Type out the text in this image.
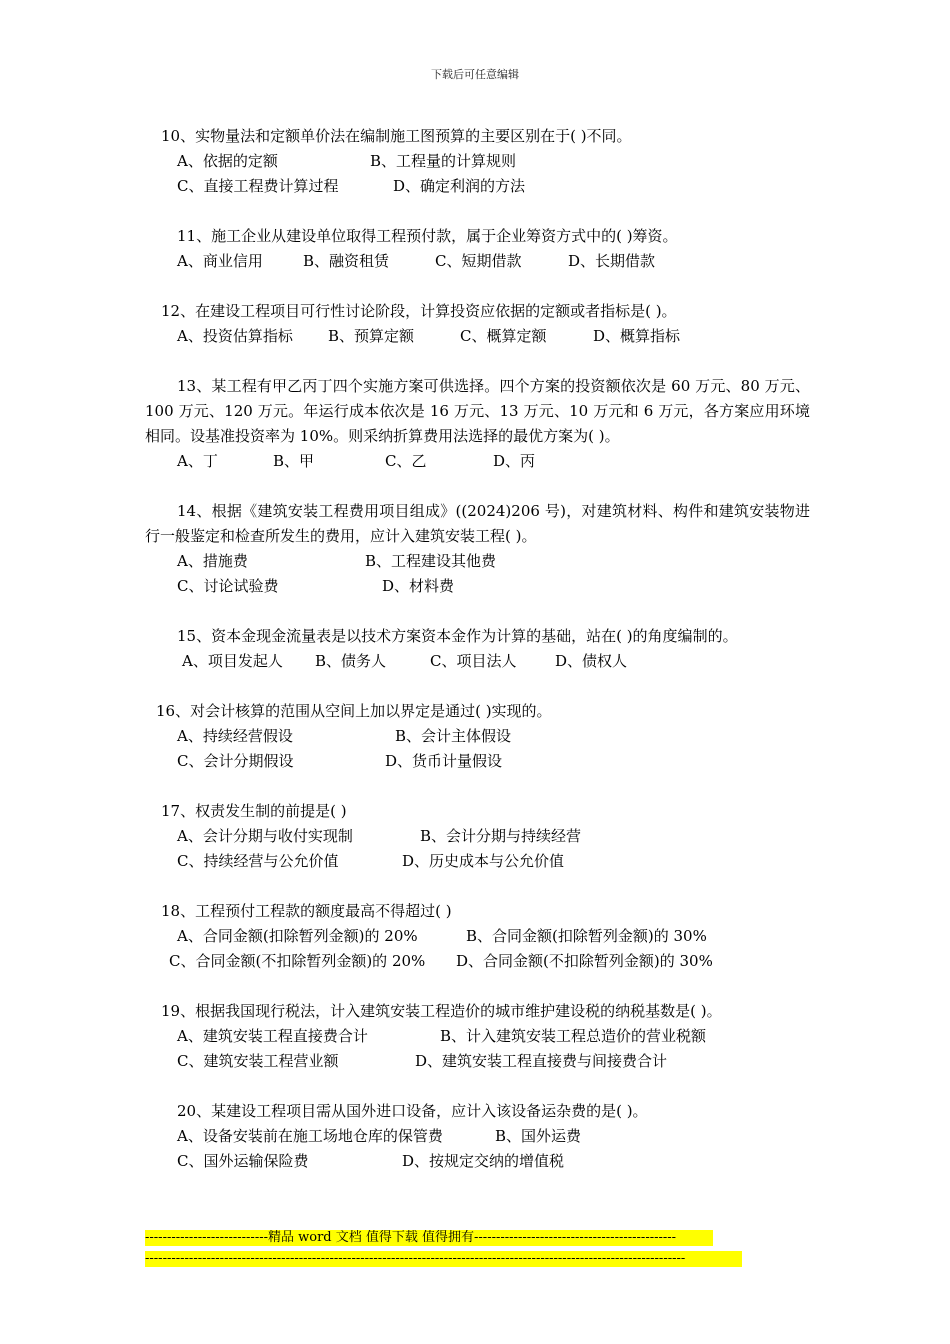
下载后可任意编辑
10、实物量法和定额单价法在编制施工图预算的主要区别在于( )不同。
A、依据的定额	B、工程量的计算规则
C、直接工程费计算过程	D、确定利润的方法
11、施工企业从建设单位取得工程预付款，属于企业筹资方式中的( )筹资。
A、商业信用	B、融资租赁	C、短期借款	D、长期借款
12、在建设工程项目可行性讨论阶段，计算投资应依据的定额或者指标是( )。
A、投资估算指标 B、预算定额	C、概算定额	D、概算指标
13、某工程有甲乙丙丁四个实施方案可供选择。四个方案的投资额依次是 60 万元、80 万元、100 万元、120 万元。年运行成本依次是 16 万元、13 万元、10 万元和 6 万元，各方案应用环境相同。设基准投资率为 10%。则采纳折算费用法选择的最优方案为( )。
A、丁	B、甲	C、乙	D、丙
14、根据《建筑安装工程费用项目组成》((2024)206 号)，对建筑材料、构件和建筑安装物进行一般鉴定和检查所发生的费用，应计入建筑安装工程( )。
A、措施费	B、工程建设其他费
C、讨论试验费	D、材料费
15、资本金现金流量表是以技术方案资本金作为计算的基础，站在( )的角度编制的。
A、项目发起人 B、债务人	C、项目法人	D、债权人
16、对会计核算的范围从空间上加以界定是通过( )实现的。
A、持续经营假设	B、会计主体假设
C、会计分期假设	D、货币计量假设
17、权责发生制的前提是( )
A、会计分期与收付实现制	B、会计分期与持续经营
C、持续经营与公允价值	D、历史成本与公允价值
18、工程预付工程款的额度最高不得超过( )
A、合同金额(扣除暂列金额)的 20%	B、合同金额(扣除暂列金额)的 30%
C、合同金额(不扣除暂列金额)的 20% D、合同金额(不扣除暂列金额)的 30%
19、根据我国现行税法，计入建筑安装工程造价的城市维护建设税的纳税基数是( )。
A、建筑安装工程直接费合计	B、计入建筑安装工程总造价的营业税额
C、建筑安装工程营业额	D、建筑安装工程直接费与间接费合计
20、某建设工程项目需从国外进口设备，应计入该设备运杂费的是( )。
A、设备安装前在施工场地仓库的保管费	B、国外运费
C、国外运输保险费	D、按规定交纳的增值税
----------------------------精品 word 文档 值得下载 值得拥有----------------------------------------------
---------------------------------------------------------------------------------------------------------------------------
